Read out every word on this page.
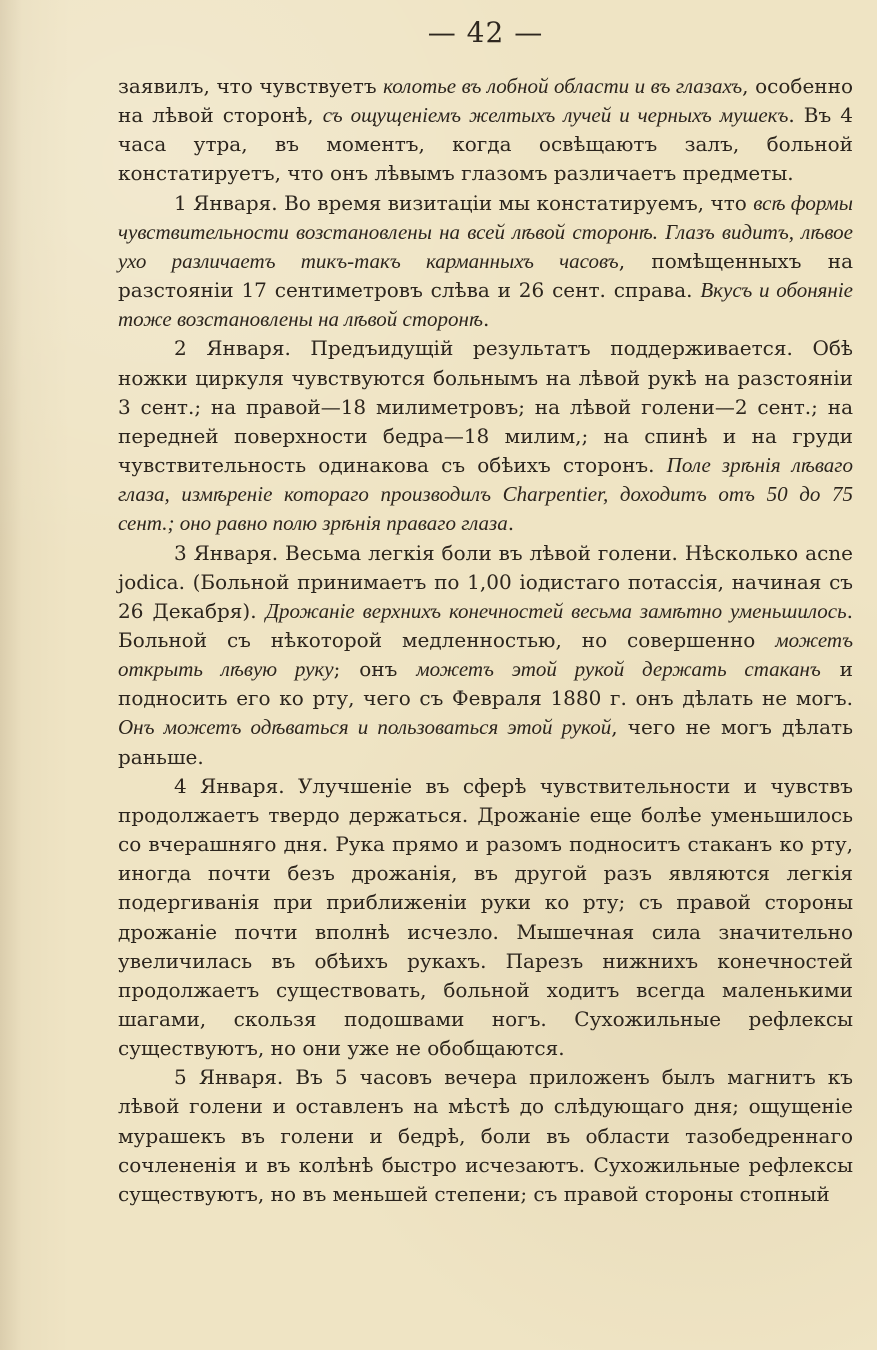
— 42 —

заявилъ, что чувствуетъ колотье въ лобной области и въ глазахъ, особенно на лѣвой сторонѣ, съ ощущеніемъ желтыхъ лучей и черныхъ мушекъ. Въ 4 часа утра, въ моментъ, когда освѣщаютъ залъ, больной констатируетъ, что онъ лѣвымъ глазомъ различаетъ предметы.

1 Января. Во время визитаціи мы констатируемъ, что всѣ формы чувствительности возстановлены на всей лѣвой сторонѣ. Глазъ видитъ, лѣвое ухо различаетъ тикъ-такъ карманныхъ часовъ, помѣщенныхъ на разстояніи 17 сентиметровъ слѣва и 26 сент. справа. Вкусъ и обоняніе тоже возстановлены на лѣвой сторонѣ.

2 Января. Предъидущій результатъ поддерживается. Обѣ ножки циркуля чувствуются больнымъ на лѣвой рукѣ на разстояніи 3 сент.; на правой—18 милиметровъ; на лѣвой голени—2 сент.; на передней поверхности бедра—18 милим,; на спинѣ и на груди чувствительность одинакова съ обѣихъ сторонъ. Поле зрѣнія лѣваго глаза, измѣреніе котораго производилъ Charpentier, доходитъ отъ 50 до 75 сент.; оно равно полю зрѣнія праваго глаза.

3 Января. Весьма легкія боли въ лѣвой голени. Нѣсколько acne jodica. (Больной принимаетъ по 1,00 іодистаго потассія, начиная съ 26 Декабря). Дрожаніе верхнихъ конечностей весьма замѣтно уменьшилось. Больной съ нѣкоторой медленностью, но совершенно можетъ открыть лѣвую руку; онъ можетъ этой рукой держать стаканъ и подносить его ко рту, чего съ Февраля 1880 г. онъ дѣлать не могъ. Онъ можетъ одѣваться и пользоваться этой рукой, чего не могъ дѣлать раньше.

4 Января. Улучшеніе въ сферѣ чувствительности и чувствъ продолжаетъ твердо держаться. Дрожаніе еще болѣе уменьшилось со вчерашняго дня. Рука прямо и разомъ подноситъ стаканъ ко рту, иногда почти безъ дрожанія, въ другой разъ являются легкія подергиванія при приближеніи руки ко рту; съ правой стороны дрожаніе почти вполнѣ исчезло. Мышечная сила значительно увеличилась въ обѣихъ рукахъ. Парезъ нижнихъ конечностей продолжаетъ существовать, больной ходитъ всегда маленькими шагами, скользя подошвами ногъ. Сухожильные рефлексы существуютъ, но они уже не обобщаются.

5 Января. Въ 5 часовъ вечера приложенъ былъ магнитъ къ лѣвой голени и оставленъ на мѣстѣ до слѣдующаго дня; ощущеніе мурашекъ въ голени и бедрѣ, боли въ области тазобедреннаго сочлененія и въ колѣнѣ быстро исчезаютъ. Сухожильные рефлексы существуютъ, но въ меньшей степени; съ правой стороны стопный
